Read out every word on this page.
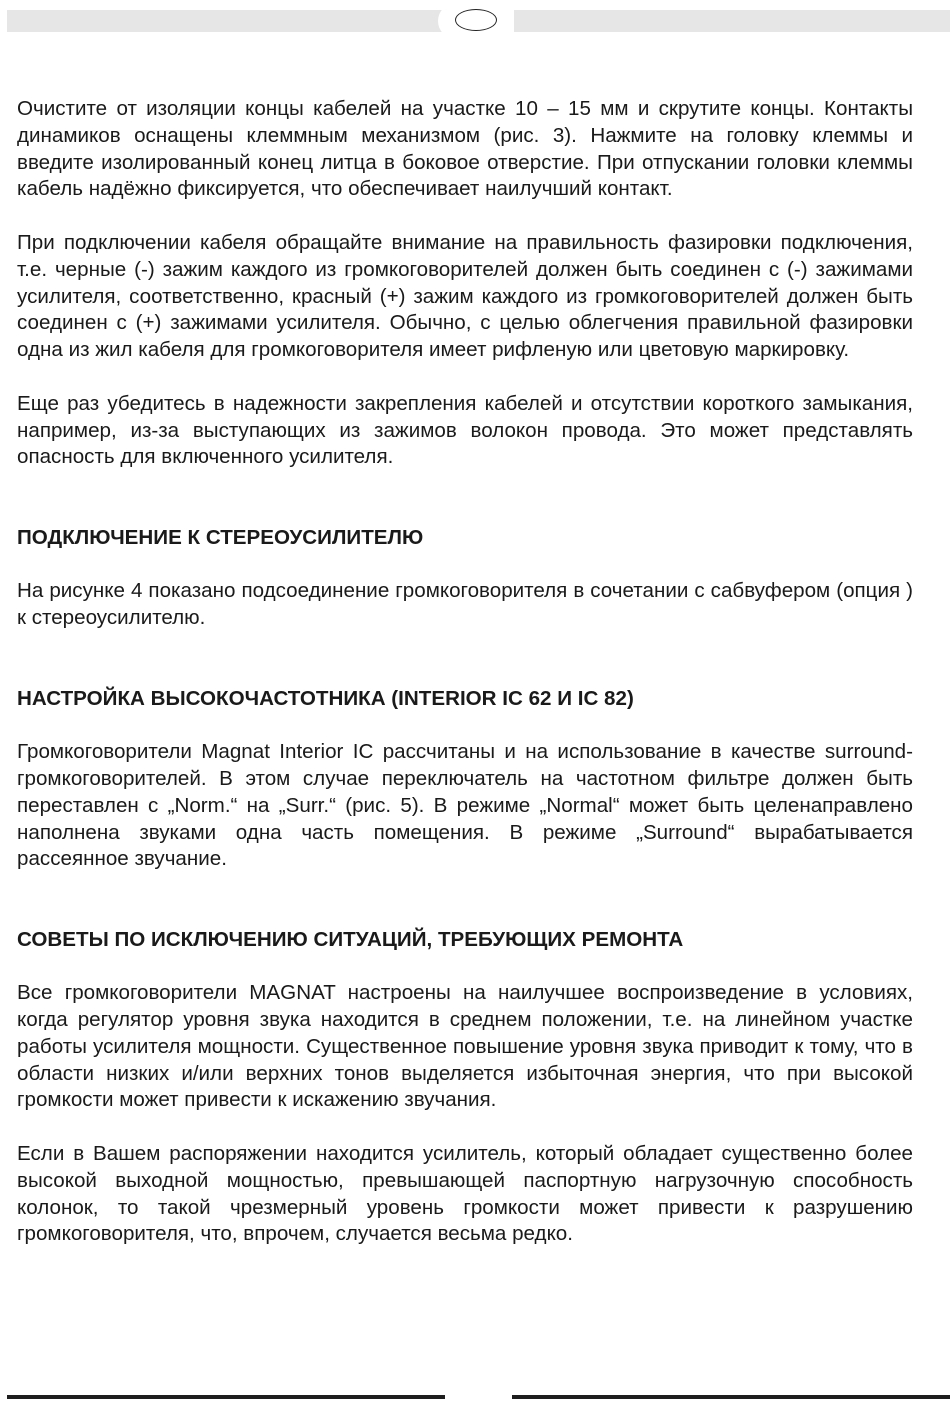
Очистите от изоляции концы кабелей на участке 10 – 15 мм и скрутите концы. Контакты динамиков оснащены клеммным механизмом (рис. 3). Нажмите на головку клеммы и введите изолированный конец литца в боковое отверстие. При отпускании головки клеммы кабель надёжно фиксируется, что обеспечивает наилучший контакт.

При подключении кабеля обращайте внимание на правильность фазировки подключения, т.е. черные (-) зажим каждого из громкоговорителей должен быть соединен с (-) зажимами усилителя, соответственно, красный (+) зажим каждого из громкоговорителей должен быть соединен с (+) зажимами усилителя. Обычно, с целью облегчения правильной фазировки одна из жил кабеля для громкоговорителя имеет рифленую или цветовую маркировку.

Еще раз убедитесь в надежности закрепления кабелей и отсутствии короткого замыкания, например, из-за выступающих из зажимов волокон провода. Это может представлять опасность для включенного усилителя.

ПОДКЛЮЧЕНИЕ К СТЕРЕОУСИЛИТЕЛЮ

На рисунке 4 показано подсоединение громкоговорителя в сочетании с сабвуфером (опция ) к стереоусилителю.

НАСТРОЙКА ВЫСОКОЧАСТОТНИКА (INTERIOR IC 62 И IC 82)

Громкоговорители Magnat Interior IC рассчитаны и на использование в качестве surround-громкоговорителей. В этом случае переключатель на частотном фильтре должен быть переставлен с „Norm.“ на „Surr.“ (рис. 5). В режиме „Normal“ может быть целенаправлено наполнена звуками одна часть помещения. В режиме „Surround“ вырабатывается рассеянное звучание.

СОВЕТЫ ПО ИСКЛЮЧЕНИЮ СИТУАЦИЙ, ТРЕБУЮЩИХ РЕМОНТА

Все громкоговорители MAGNAT настроены на наилучшее воспроизведение в условиях, когда регулятор уровня звука находится в среднем положении, т.е. на линейном участке работы усилителя мощности. Существенное повышение уровня звука приводит к тому, что в области низких и/или верхних тонов выделяется избыточная энергия, что при высокой громкости может привести к искажению звучания.

Если в Вашем распоряжении находится усилитель, который обладает существенно более высокой выходной мощностью, превышающей паспортную нагрузочную способность колонок, то такой чрезмерный уровень громкости может привести к разрушению громкоговорителя, что, впрочем, случается весьма редко.
